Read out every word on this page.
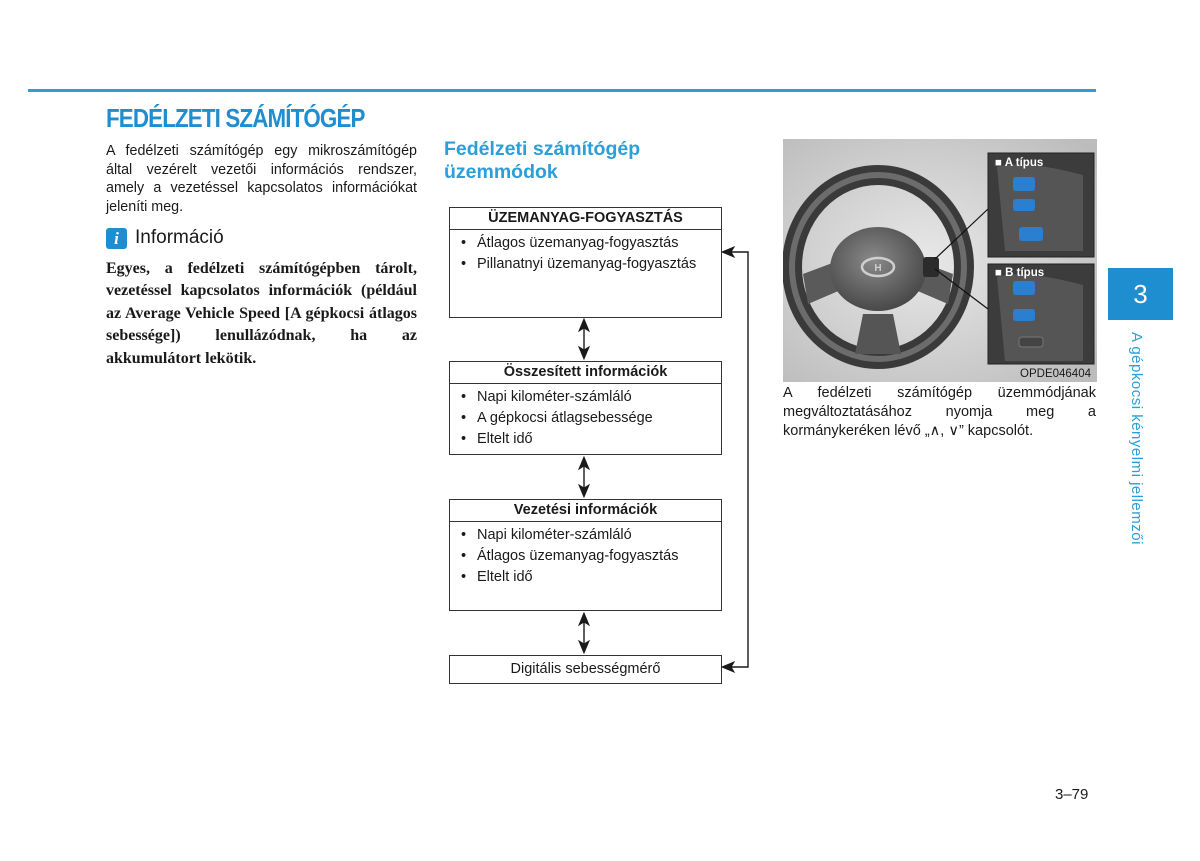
FEDÉLZETI SZÁMÍTÓGÉP

A fedélzeti számítógép egy mikroszámítógép által vezérelt vezetői információs rendszer, amely a vezetéssel kapcsolatos információkat jeleníti meg.

i Információ

Egyes, a fedélzeti számítógépben tárolt, vezetéssel kapcsolatos információk (például az Average Vehicle Speed [A gépkocsi átlagos sebessége]) lenullázódnak, ha az akkumulátort lekötik.

Fedélzeti számítógép üzemmódok
ÜZEMANYAG-FOGYASZTÁS
• Átlagos üzemanyag-fogyasztás
• Pillanatnyi üzemanyag-fogyasztás
Összesített információk
• Napi kilométer-számláló
• A gépkocsi átlagsebessége
• Eltelt idő
Vezetési információk
• Napi kilométer-számláló
• Átlagos üzemanyag-fogyasztás
• Eltelt idő
Digitális sebességmérő
H
■ A típus
■ B típus
OPDE046404

A fedélzeti számítógép üzemmódjának megváltoztatásához nyomja meg a kormánykeréken lévő „∧, ∨” kapcsolót.

3
A gépkocsi kényelmi jellemzői
3–79
